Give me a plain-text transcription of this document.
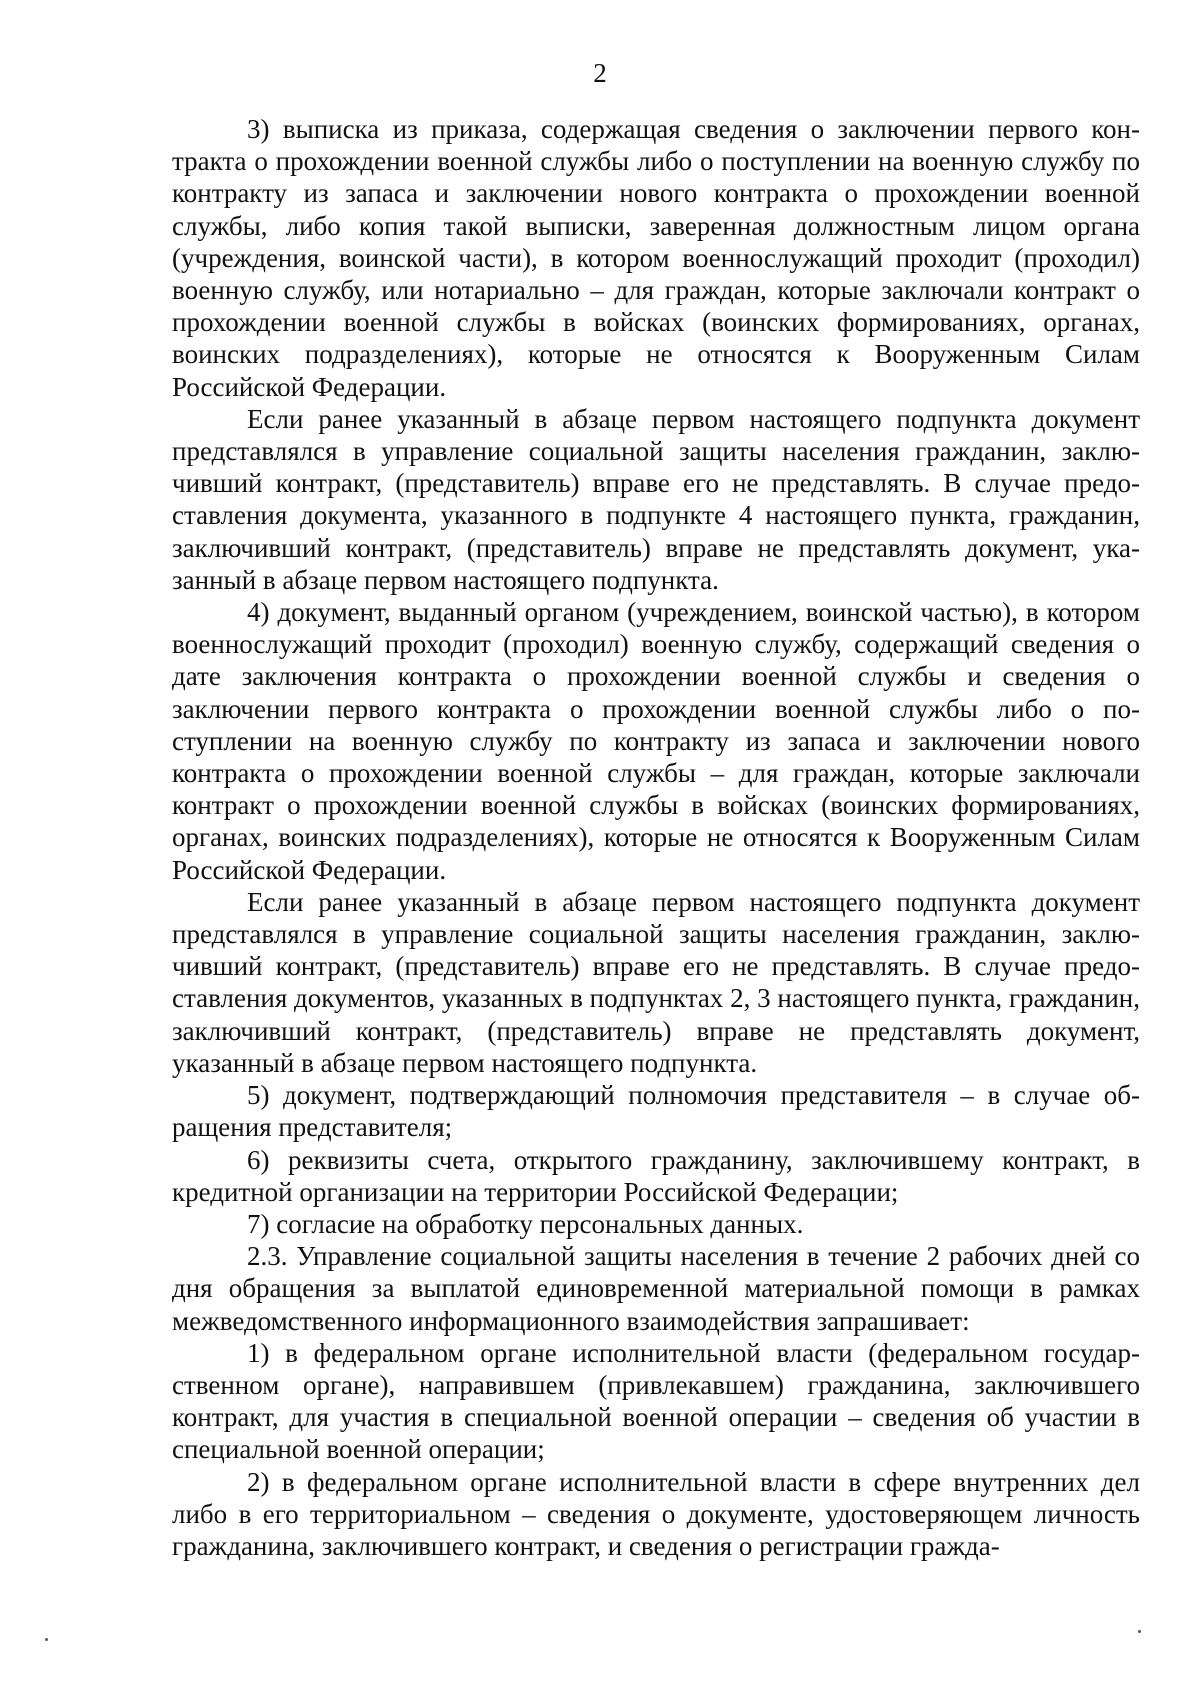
2

3) выписка из приказа, содержащая сведения о заключении первого контракта о прохождении военной службы либо о поступлении на военную службу по контракту из запаса и заключении нового контракта о прохождении военной службы, либо копия такой выписки, заверенная должностным лицом органа (учреждения, воинской части), в котором военнослужащий проходит (проходил) военную службу, или нотариально – для граждан, которые заключали контракт о прохождении военной службы в войсках (воинских формированиях, органах, воинских подразделениях), которые не относятся к Вооруженным Силам Российской Федерации.

Если ранее указанный в абзаце первом настоящего подпункта документ представлялся в управление социальной защиты населения гражданин, заключивший контракт, (представитель) вправе его не представлять. В случае предоставления документа, указанного в подпункте 4 настоящего пункта, гражданин, заключивший контракт, (представитель) вправе не представлять документ, указанный в абзаце первом настоящего подпункта.

4) документ, выданный органом (учреждением, воинской частью), в котором военнослужащий проходит (проходил) военную службу, содержащий сведения о дате заключения контракта о прохождении военной службы и сведения о заключении первого контракта о прохождении военной службы либо о поступлении на военную службу по контракту из запаса и заключении нового контракта о прохождении военной службы – для граждан, которые заключали контракт о прохождении военной службы в войсках (воинских формированиях, органах, воинских подразделениях), которые не относятся к Вооруженным Силам Российской Федерации.

Если ранее указанный в абзаце первом настоящего подпункта документ представлялся в управление социальной защиты населения гражданин, заключивший контракт, (представитель) вправе его не представлять. В случае предоставления документов, указанных в подпунктах 2, 3 настоящего пункта, гражданин, заключивший контракт, (представитель) вправе не представлять документ, указанный в абзаце первом настоящего подпункта.

5) документ, подтверждающий полномочия представителя – в случае обращения представителя;

6) реквизиты счета, открытого гражданину, заключившему контракт, в кредитной организации на территории Российской Федерации;

7) согласие на обработку персональных данных.

2.3. Управление социальной защиты населения в течение 2 рабочих дней со дня обращения за выплатой единовременной материальной помощи в рамках межведомственного информационного взаимодействия запрашивает:

1) в федеральном органе исполнительной власти (федеральном государственном органе), направившем (привлекавшем) гражданина, заключившего контракт, для участия в специальной военной операции – сведения об участии в специальной военной операции;

2) в федеральном органе исполнительной власти в сфере внутренних дел либо в его территориальном – сведения о документе, удостоверяющем личность гражданина, заключившего контракт, и сведения о регистрации гражда-
